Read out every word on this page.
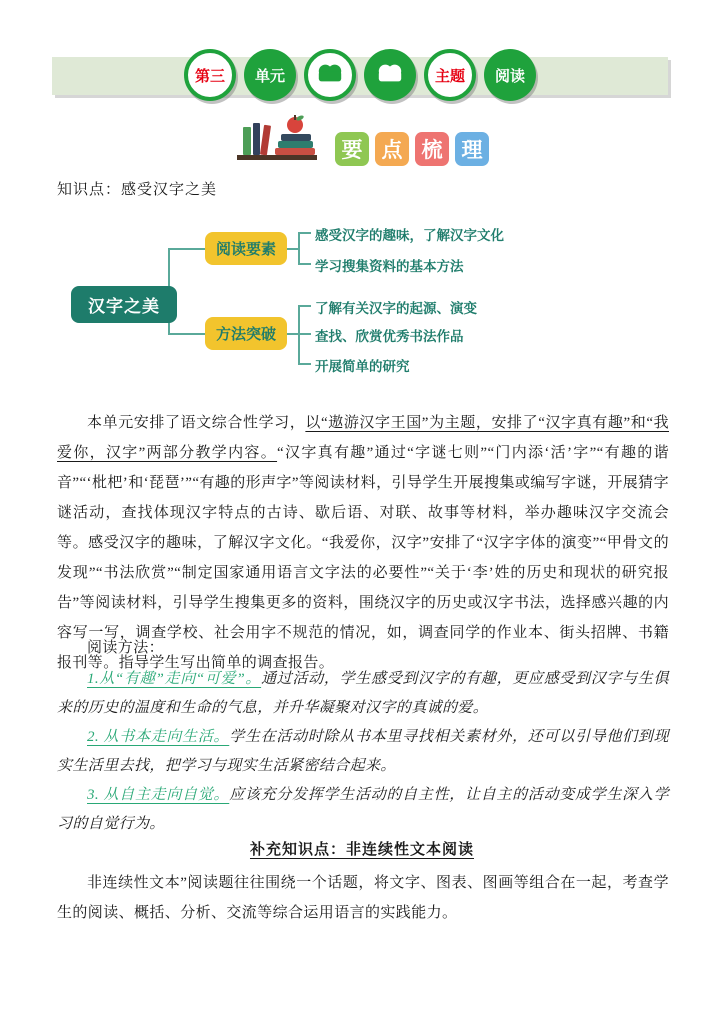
第三 单元	主题 阅读
要 点 梳 理
知识点：感受汉字之美
汉字之美
阅读要素
感受汉字的趣味，了解汉字文化
学习搜集资料的基本方法
方法突破
了解有关汉字的起源、演变
查找、欣赏优秀书法作品
开展简单的研究
本单元安排了语文综合性学习，以“遨游汉字王国”为主题，安排了“汉字真有趣”和“我爱你，汉字”两部分教学内容。“汉字真有趣”通过“字谜七则”“门内添‘活’字”“有趣的谐音”“‘枇杷’和‘琵琶’”“有趣的形声字”等阅读材料，引导学生开展搜集或编写字谜，开展猜字谜活动，查找体现汉字特点的古诗、歇后语、对联、故事等材料，举办趣味汉字交流会等。感受汉字的趣味，了解汉字文化。“我爱你，汉字”安排了“汉字字体的演变”“甲骨文的发现”“书法欣赏”“制定国家通用语言文字法的必要性”“关于‘李’姓的历史和现状的研究报告”等阅读材料，引导学生搜集更多的资料，围绕汉字的历史或汉字书法，选择感兴趣的内容写一写，调查学校、社会用字不规范的情况，如，调查同学的作业本、街头招牌、书籍报刊等。指导学生写出简单的调查报告。
阅读方法：

1.从“有趣”走向“可爱”。通过活动，学生感受到汉字的有趣，更应感受到汉字与生俱来的历史的温度和生命的气息，并升华凝聚对汉字的真诚的爱。

2. 从书本走向生活。学生在活动时除从书本里寻找相关素材外，还可以引导他们到现实生活里去找，把学习与现实生活紧密结合起来。

3. 从自主走向自觉。应该充分发挥学生活动的自主性，让自主的活动变成学生深入学习的自觉行为。

补充知识点：非连续性文本阅读
非连续性文本”阅读题往往围绕一个话题，将文字、图表、图画等组合在一起，考查学生的阅读、概括、分析、交流等综合运用语言的实践能力。
